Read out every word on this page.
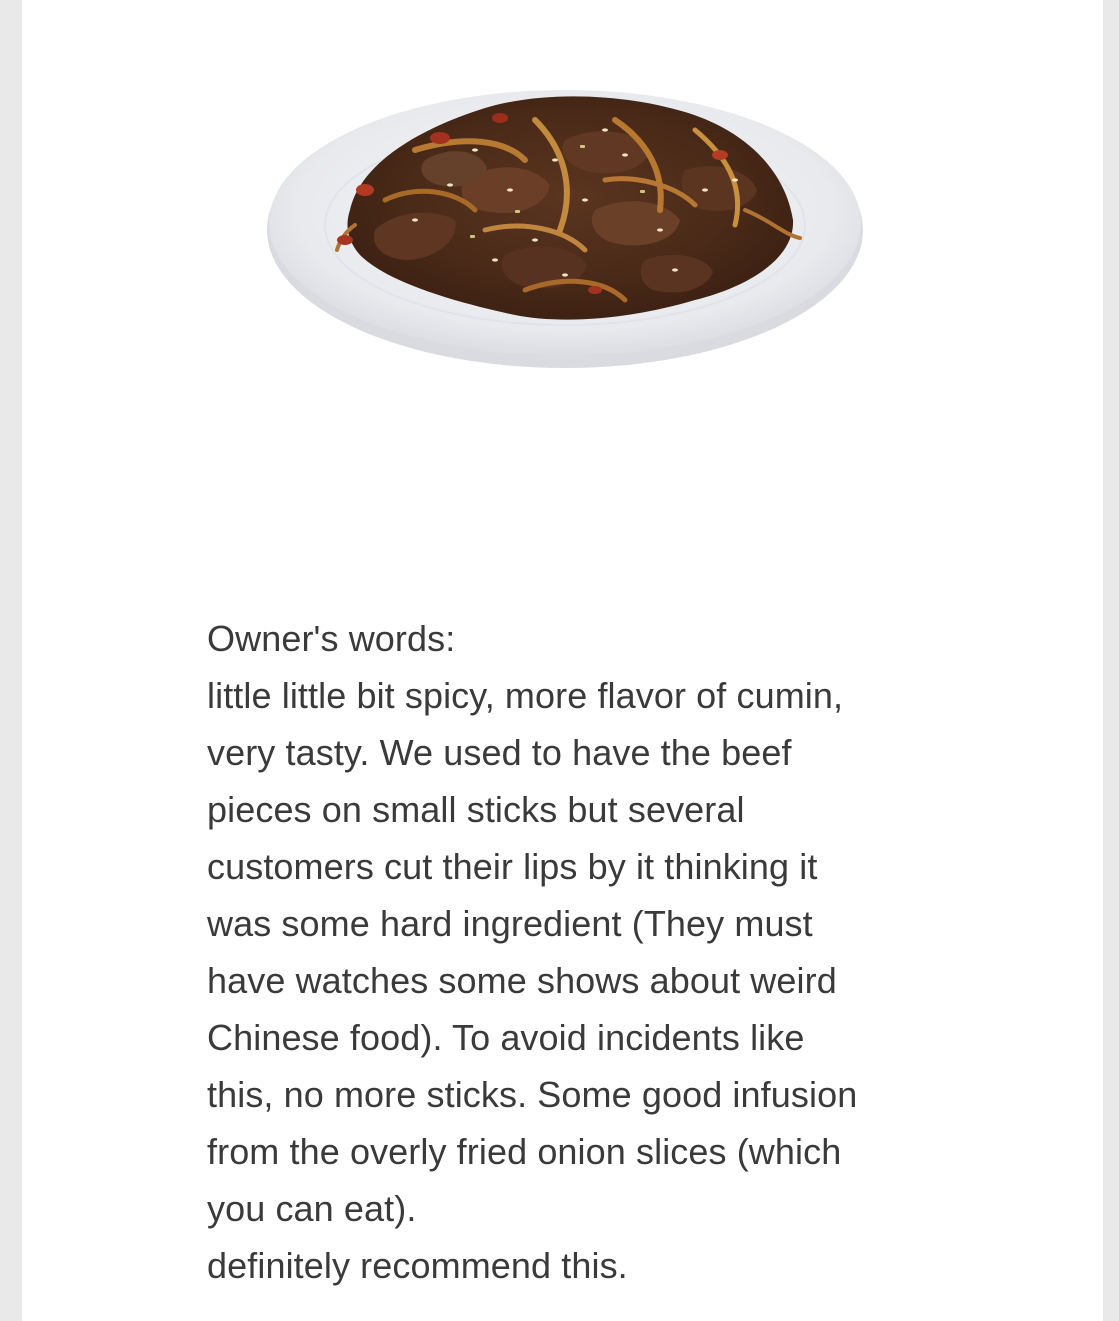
Owner's words:
little little bit spicy, more flavor of cumin,
very tasty. We used to have the beef
pieces on small sticks but several
customers cut their lips by it thinking it
was some hard ingredient (They must
have watches some shows about weird
Chinese food). To avoid incidents like
this, no more sticks. Some good infusion
from the overly fried onion slices (which
you can eat).
definitely recommend this.
